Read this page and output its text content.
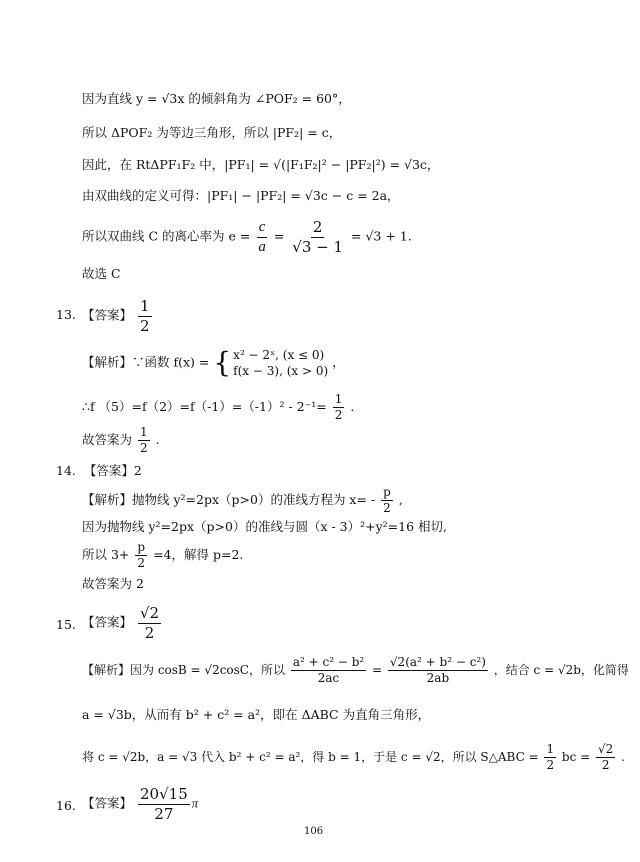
因为直线 y = √3x 的倾斜角为 ∠POF₂ = 60°，
所以 ΔPOF₂ 为等边三角形，所以 |PF₂| = c，
因此，在 RtΔPF₁F₂ 中，|PF₁| = √(|F₁F₂|² − |PF₂|²) = √3c，
由双曲线的定义可得：|PF₁| − |PF₂| = √3c − c = 2a，
所以双曲线 C 的离心率为 $e = \frac{c}{a} = \frac{2}{√3 - 1} = √3 + 1$.
故选 C
13. 【答案】 $\frac{1}{2}$
【解析】∵函数 f(x) = { x² − 2ˣ, (x ≤ 0)
f(x − 3), (x > 0)
，
∴f $(5)=f(2)=f(-1)=(-1)^2 - 2^{-1}= \frac{1}{2}$ .
故答案为 $\frac{1}{2}$ .
14. 【答案】2
【解析】抛物线 y²=2px（p>0）的准线方程为 $x= - \frac{p}{2}$ ,
因为抛物线 y²=2px（p>0）的准线与圆（x - 3）²+y²=16 相切,
所以 $3+ \frac{p}{2} =4$，解得 p=2.
故答案为 2
15. 【答案】 $\frac{√2}{2}$
【解析】因为 cosB = √2cosC，所以 $\frac{\text{a² + c² − b²}}{2ac} = \frac{\text{√2(a² + b² − c²)}}{2ab}$ ，结合 c = √2b，化简得
a = √3b，从而有 b² + c² = a²，即在 ΔABC 为直角三角形，
将 c = √2b，a = √3 代入 b² + c² = a²，得 b = 1，于是 c = √2，所以 S△ABC = $\frac{1}{2}$ bc = $\frac{√2}{2}$ .
16. 【答案】 $\frac{20√15}{27}$ π
106
